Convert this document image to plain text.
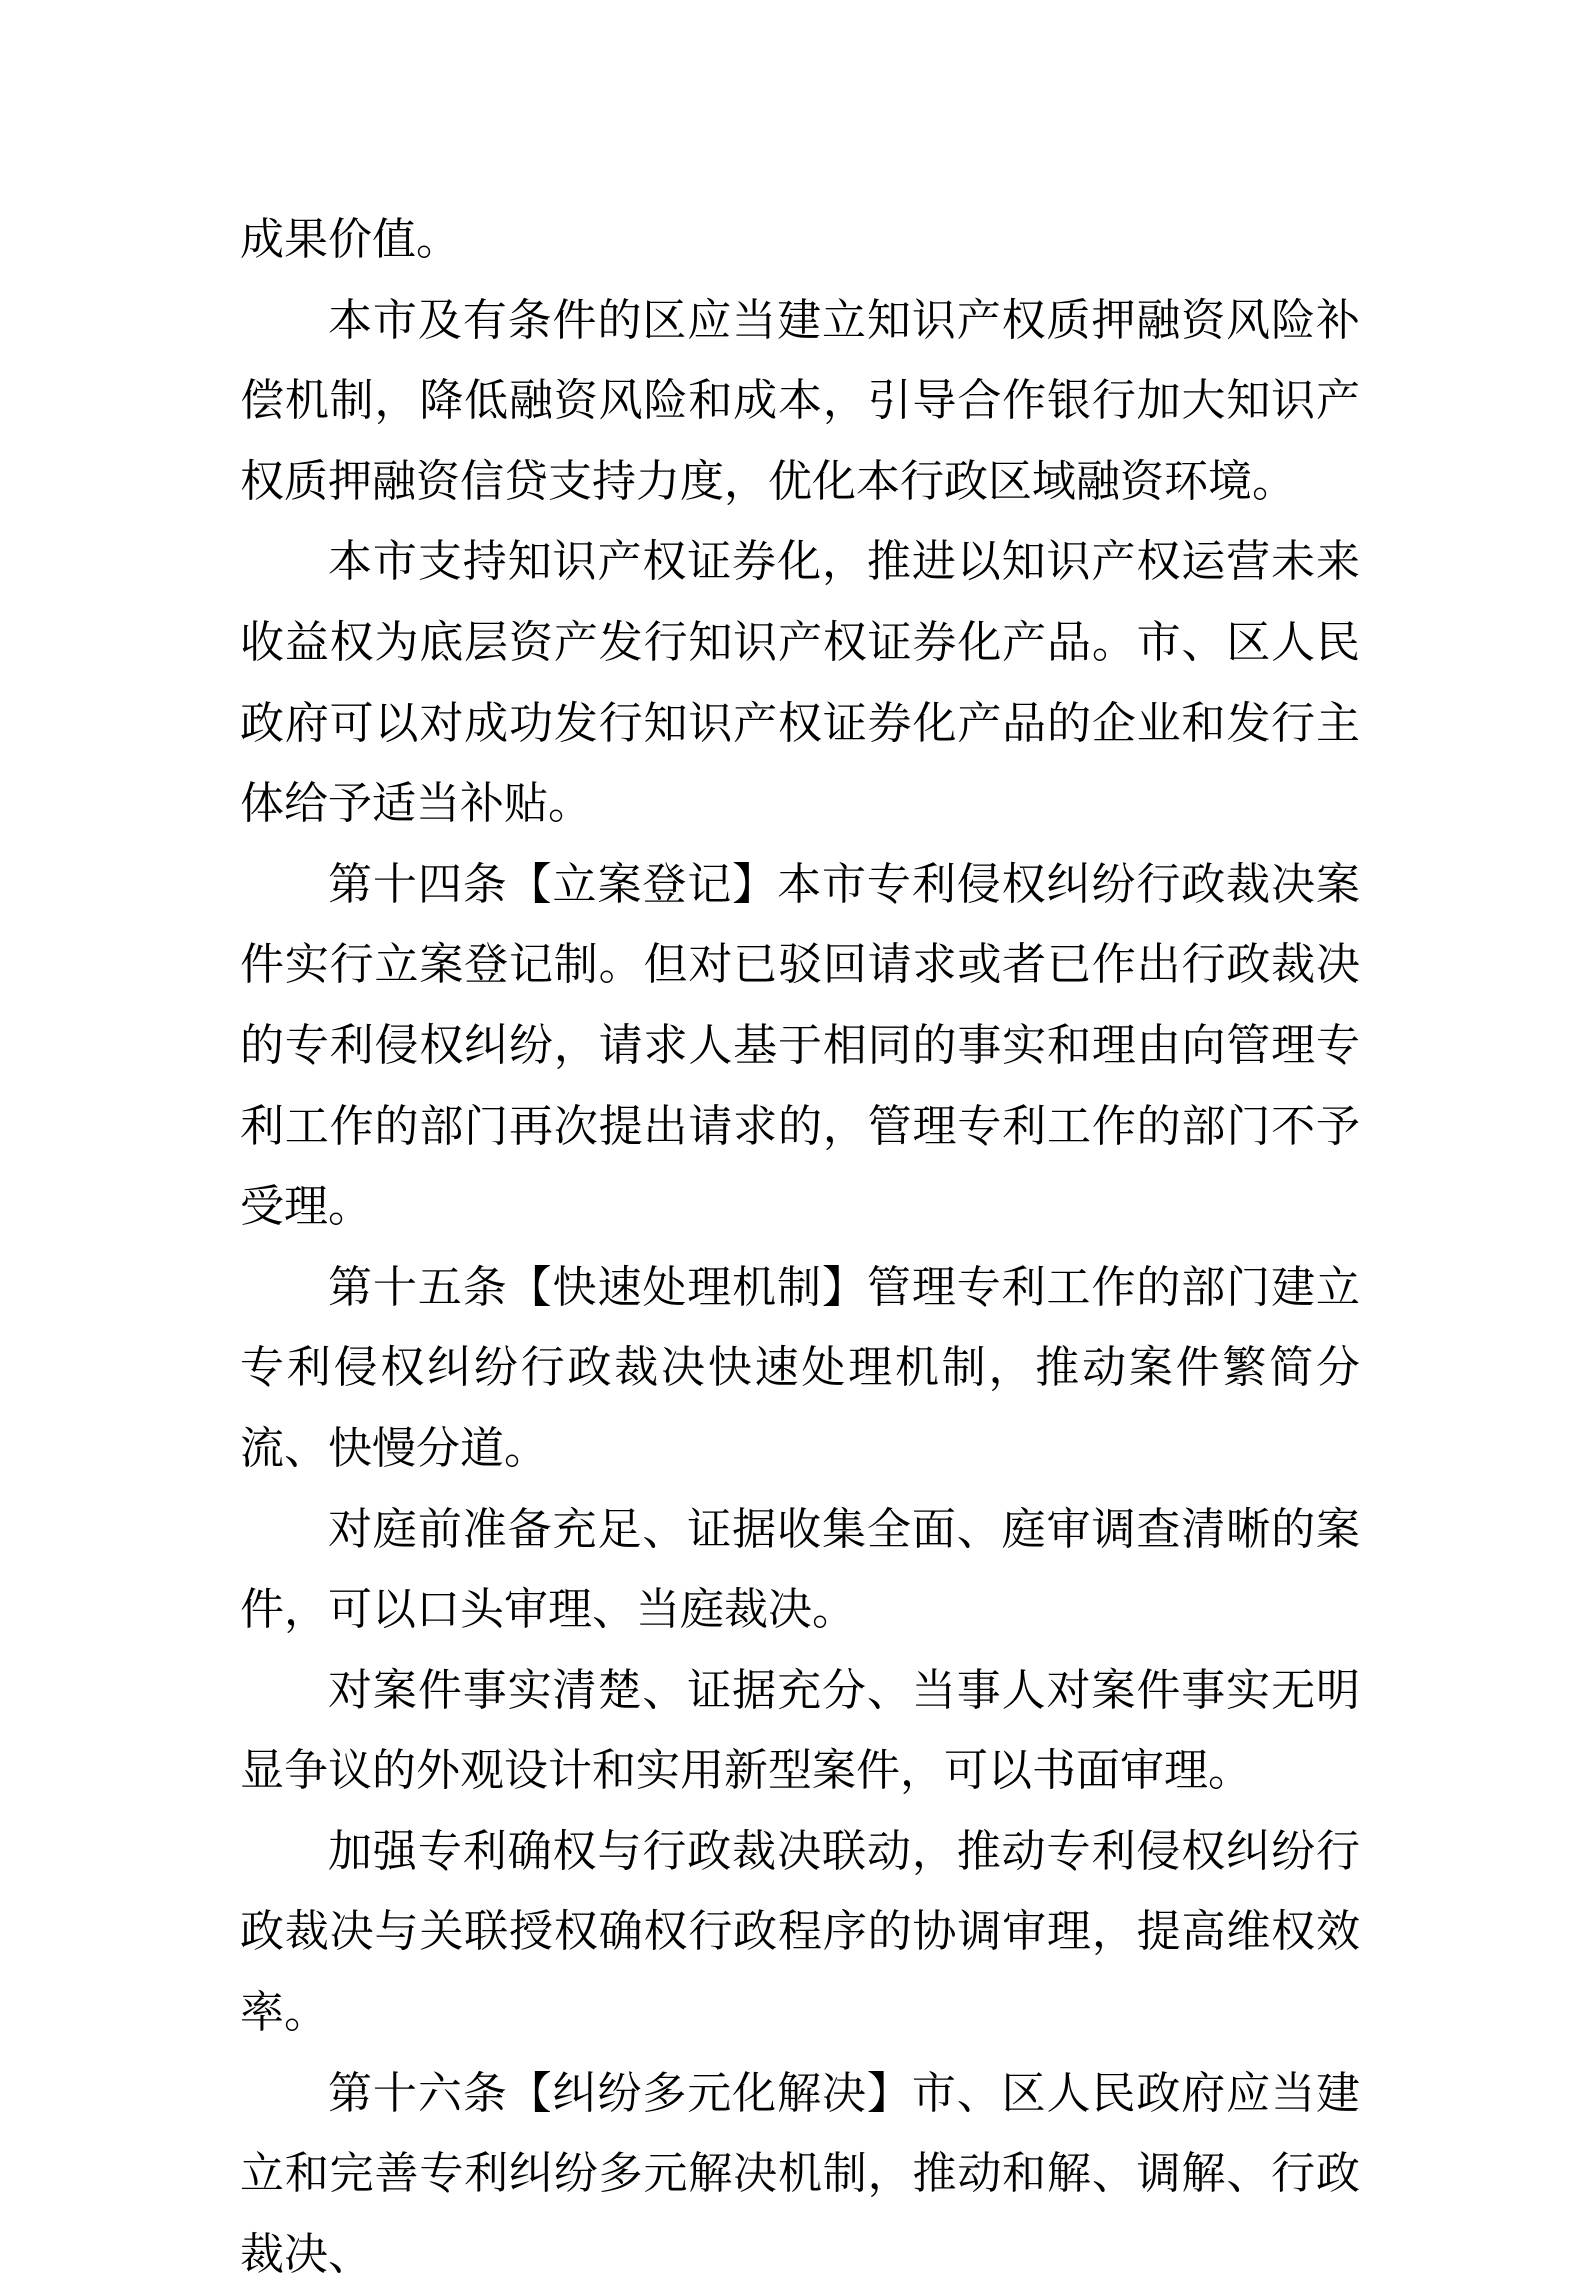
成果价值。

本市及有条件的区应当建立知识产权质押融资风险补偿机制，降低融资风险和成本，引导合作银行加大知识产权质押融资信贷支持力度，优化本行政区域融资环境。

本市支持知识产权证券化，推进以知识产权运营未来收益权为底层资产发行知识产权证券化产品。市、区人民政府可以对成功发行知识产权证券化产品的企业和发行主体给予适当补贴。

第十四条【立案登记】本市专利侵权纠纷行政裁决案件实行立案登记制。但对已驳回请求或者已作出行政裁决的专利侵权纠纷，请求人基于相同的事实和理由向管理专利工作的部门再次提出请求的，管理专利工作的部门不予受理。

第十五条【快速处理机制】管理专利工作的部门建立专利侵权纠纷行政裁决快速处理机制，推动案件繁简分流、快慢分道。

对庭前准备充足、证据收集全面、庭审调查清晰的案件，可以口头审理、当庭裁决。

对案件事实清楚、证据充分、当事人对案件事实无明显争议的外观设计和实用新型案件，可以书面审理。

加强专利确权与行政裁决联动，推动专利侵权纠纷行政裁决与关联授权确权行政程序的协调审理，提高维权效率。

第十六条【纠纷多元化解决】市、区人民政府应当建立和完善专利纠纷多元解决机制，推动和解、调解、行政裁决、
